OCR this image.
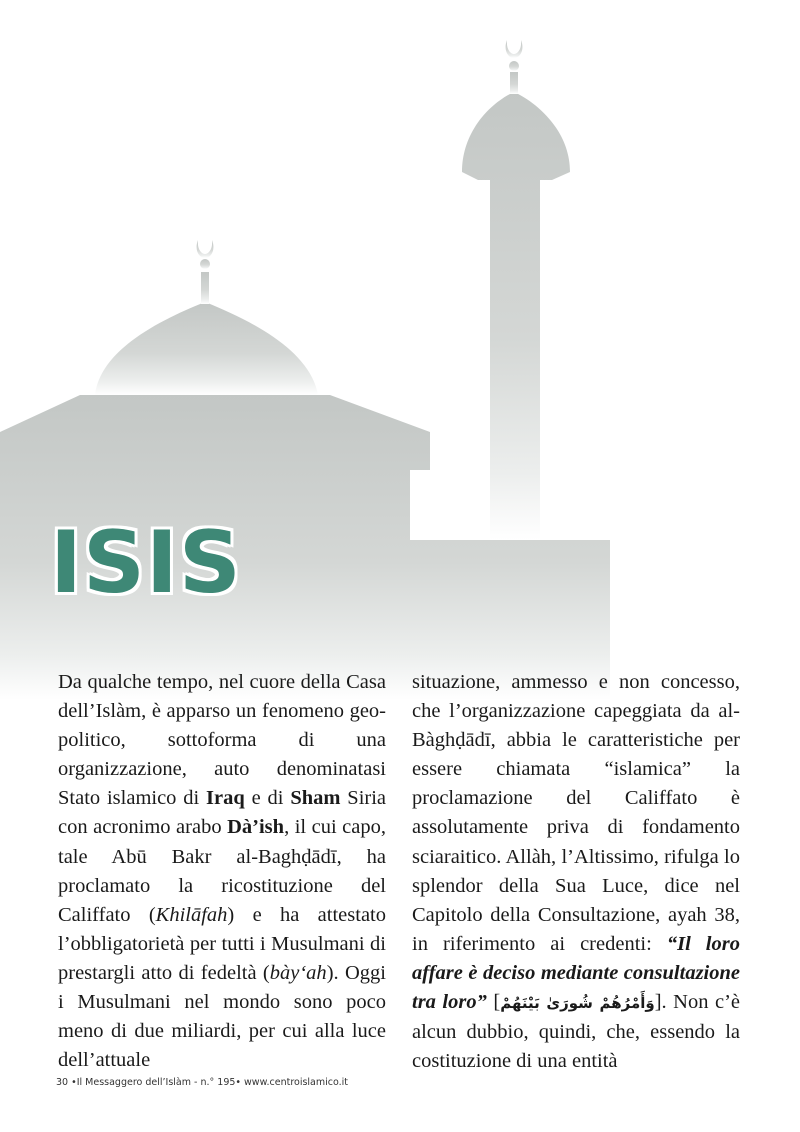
ISIS

Da qualche tempo, nel cuore della Casa dell’Islàm, è apparso un fenomeno geo-politico, sottoforma di una organizzazione, auto denominatasi Stato islamico di Iraq e di Sham Siria con acronimo arabo Dà’ish, il cui capo, tale Abū Bakr al-Baghḍādī, ha proclamato la ricostituzione del Califfato (Khilāfah) e ha attestato l’obbligatorietà per tutti i Musulmani di prestargli atto di fedeltà (bày‘ah). Oggi i Musulmani nel mondo sono poco meno di due miliardi, per cui alla luce dell’attuale

situazione, ammesso e non concesso, che l’organizzazione capeggiata da al-Bàghḍādī, abbia le caratteristiche per essere chiamata “islamica” la proclamazione del Califfato è assolutamente priva di fondamento sciaraitico. Allàh, l’Altissimo, rifulga lo splendor della Sua Luce, dice nel Capitolo della Consultazione, ayah 38, in riferimento ai credenti: “Il loro affare è deciso mediante consultazione tra loro” [وَأَمْرُهُمْ شُورَىٰ بَيْنَهُمْ]. Non c’è alcun dubbio, quindi, che, essendo la costituzione di una entità

30 •Il Messaggero dell’Islàm - n.° 195• www.centroislamico.it
